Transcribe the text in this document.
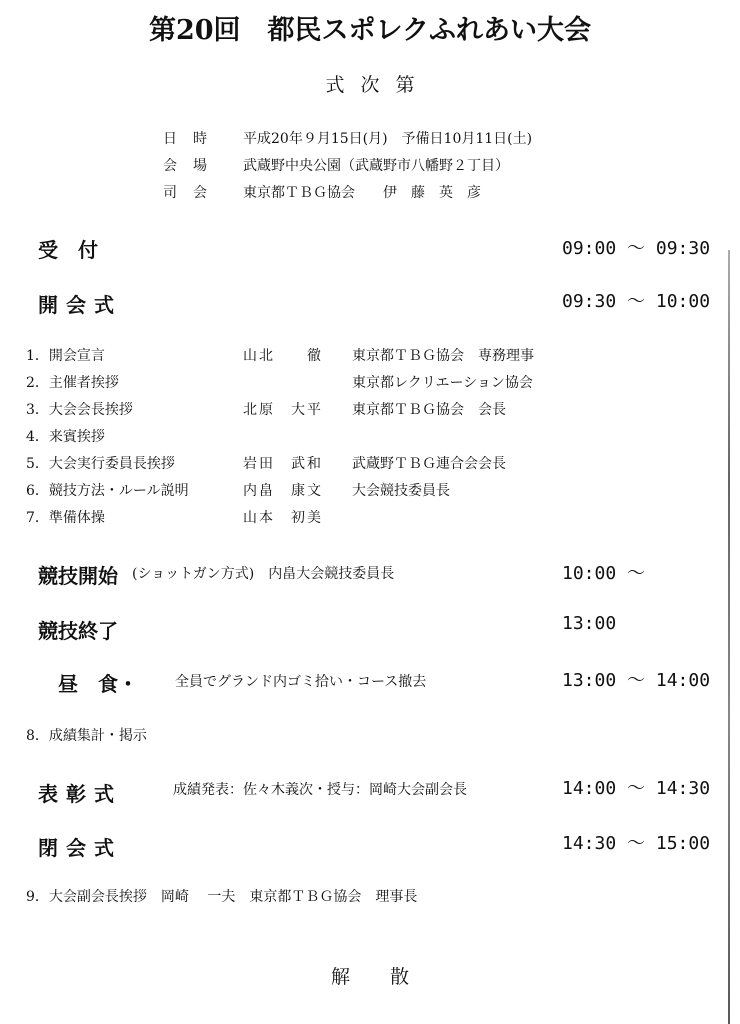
第20回　都民スポレクふれあい大会
式次第
日時 平成20年９月15日(月)　予備日10月11日(土)
会場 武蔵野中央公園（武蔵野市八幡野２丁目）
司会 東京都ＴＢＧ協会　　伊　藤　英　彦
受　付	09:00 ～ 09:30
開会式	09:30 ～ 10:00
1．開会宣言	山北　　徹 東京都ＴＢＧ協会　専務理事
2．主催者挨拶	東京都レクリエーション協会
3．大会会長挨拶	北原　大平 東京都ＴＢＧ協会　会長
4．来賓挨拶
5．大会実行委員長挨拶	岩田　武和 武蔵野ＴＢＧ連合会会長
6．競技方法・ルール説明	内畠　康文 大会競技委員長
7．準備体操	山本　初美
競技開始 (ショットガン方式)　内畠大会競技委員長	10:00 ～
競技終了	13:00
昼　食・	全員でグランド内ゴミ拾い・コース撤去	13:00 ～ 14:00
8．成績集計・掲示
表彰式	成績発表：佐々木義次・授与：岡崎大会副会長	14:00 ～ 14:30
閉会式	14:30 ～ 15:00
9．大会副会長挨拶　岡崎　 一夫　東京都ＴＢＧ協会　理事長
解散
